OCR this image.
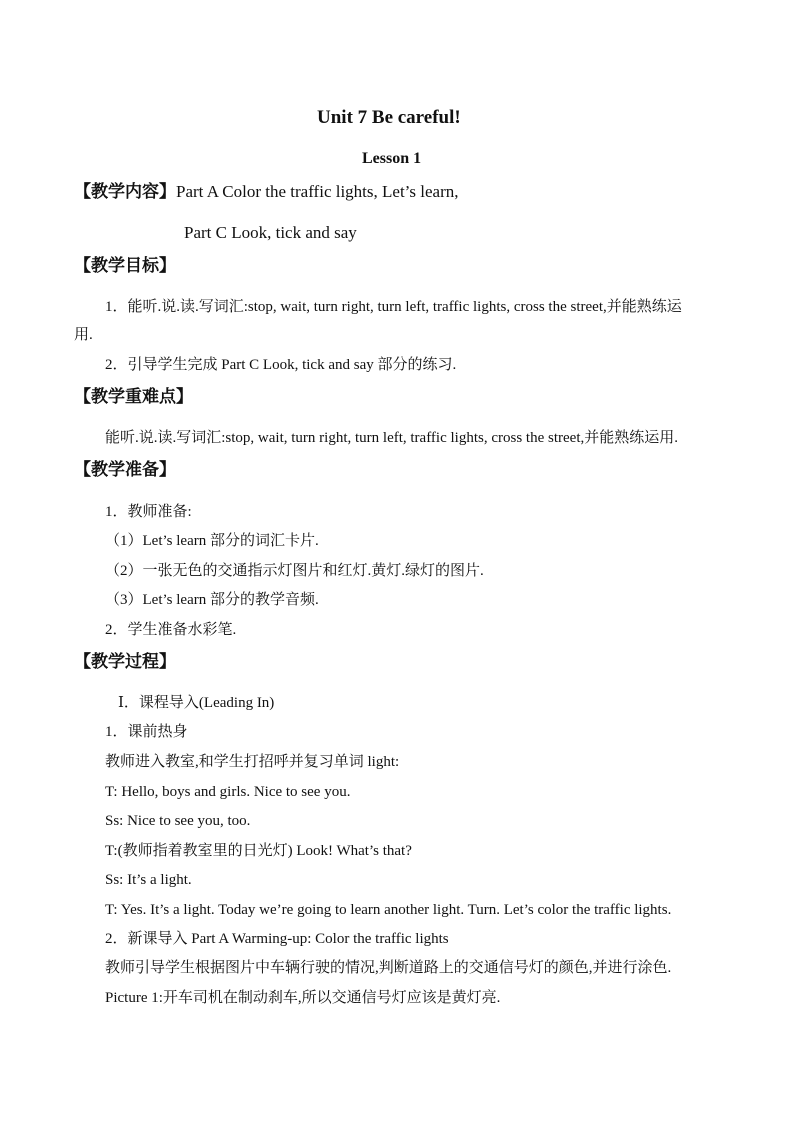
Unit 7 Be careful!
Lesson 1
【教学内容】Part A Color the traffic lights, Let’s learn,
Part C Look, tick and say
【教学目标】
1．能听.说.读.写词汇:stop, wait, turn right, turn left, traffic lights, cross the street,并能熟练运
用.
2．引导学生完成 Part C Look, tick and say 部分的练习.
【教学重难点】
能听.说.读.写词汇:stop, wait, turn right, turn left, traffic lights, cross the street,并能熟练运用.
【教学准备】
1．教师准备:
（1）Let’s learn 部分的词汇卡片.
（2）一张无色的交通指示灯图片和红灯.黄灯.绿灯的图片.
（3）Let’s learn 部分的教学音频.
2．学生准备水彩笔.
【教学过程】
Ⅰ．课程导入(Leading In)
1．课前热身
教师进入教室,和学生打招呼并复习单词 light:
T: Hello, boys and girls. Nice to see you.
Ss: Nice to see you, too.
T:(教师指着教室里的日光灯) Look! What’s that?
Ss: It’s a light.
T: Yes. It’s a light. Today we’re going to learn another light. Turn. Let’s color the traffic lights.
2．新课导入 Part A Warming-up: Color the traffic lights
教师引导学生根据图片中车辆行驶的情况,判断道路上的交通信号灯的颜色,并进行涂色.
Picture 1:开车司机在制动刹车,所以交通信号灯应该是黄灯亮.
